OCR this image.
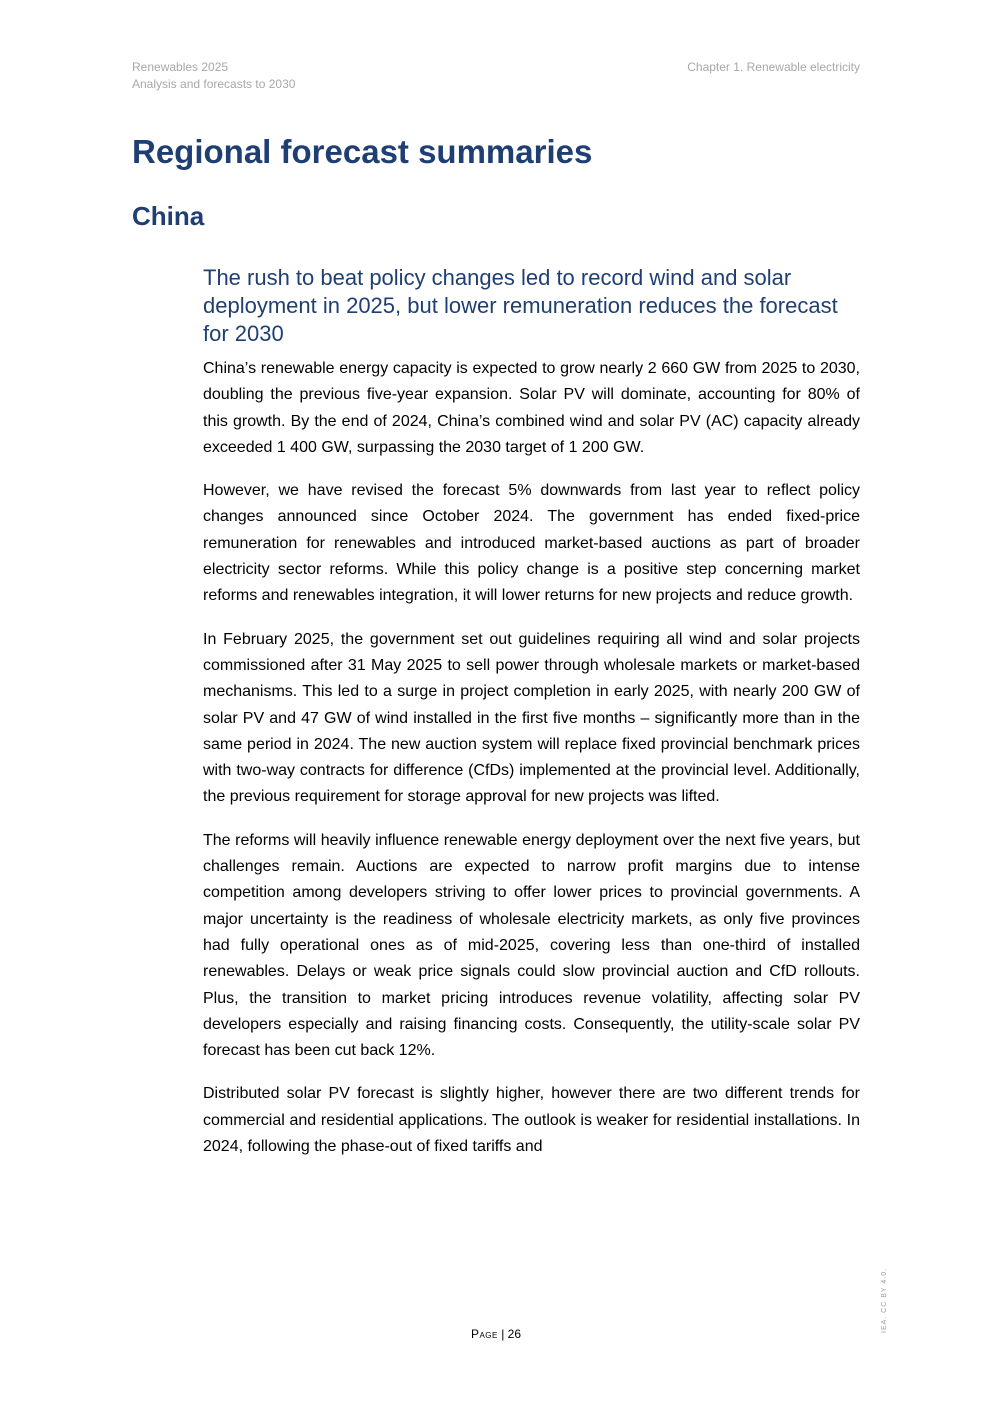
Renewables 2025
Analysis and forecasts to 2030
Chapter 1. Renewable electricity
Regional forecast summaries
China
The rush to beat policy changes led to record wind and solar deployment in 2025, but lower remuneration reduces the forecast for 2030

China’s renewable energy capacity is expected to grow nearly 2 660 GW from 2025 to 2030, doubling the previous five-year expansion. Solar PV will dominate, accounting for 80% of this growth. By the end of 2024, China’s combined wind and solar PV (AC) capacity already exceeded 1 400 GW, surpassing the 2030 target of 1 200 GW.

However, we have revised the forecast 5% downwards from last year to reflect policy changes announced since October 2024. The government has ended fixed-price remuneration for renewables and introduced market-based auctions as part of broader electricity sector reforms. While this policy change is a positive step concerning market reforms and renewables integration, it will lower returns for new projects and reduce growth.

In February 2025, the government set out guidelines requiring all wind and solar projects commissioned after 31 May 2025 to sell power through wholesale markets or market-based mechanisms. This led to a surge in project completion in early 2025, with nearly 200 GW of solar PV and 47 GW of wind installed in the first five months – significantly more than in the same period in 2024. The new auction system will replace fixed provincial benchmark prices with two-way contracts for difference (CfDs) implemented at the provincial level. Additionally, the previous requirement for storage approval for new projects was lifted.

The reforms will heavily influence renewable energy deployment over the next five years, but challenges remain. Auctions are expected to narrow profit margins due to intense competition among developers striving to offer lower prices to provincial governments. A major uncertainty is the readiness of wholesale electricity markets, as only five provinces had fully operational ones as of mid-2025, covering less than one-third of installed renewables. Delays or weak price signals could slow provincial auction and CfD rollouts. Plus, the transition to market pricing introduces revenue volatility, affecting solar PV developers especially and raising financing costs. Consequently, the utility-scale solar PV forecast has been cut back 12%.

Distributed solar PV forecast is slightly higher, however there are two different trends for commercial and residential applications. The outlook is weaker for residential installations. In 2024, following the phase-out of fixed tariffs and

Page | 26
IEA. CC BY 4.0.
